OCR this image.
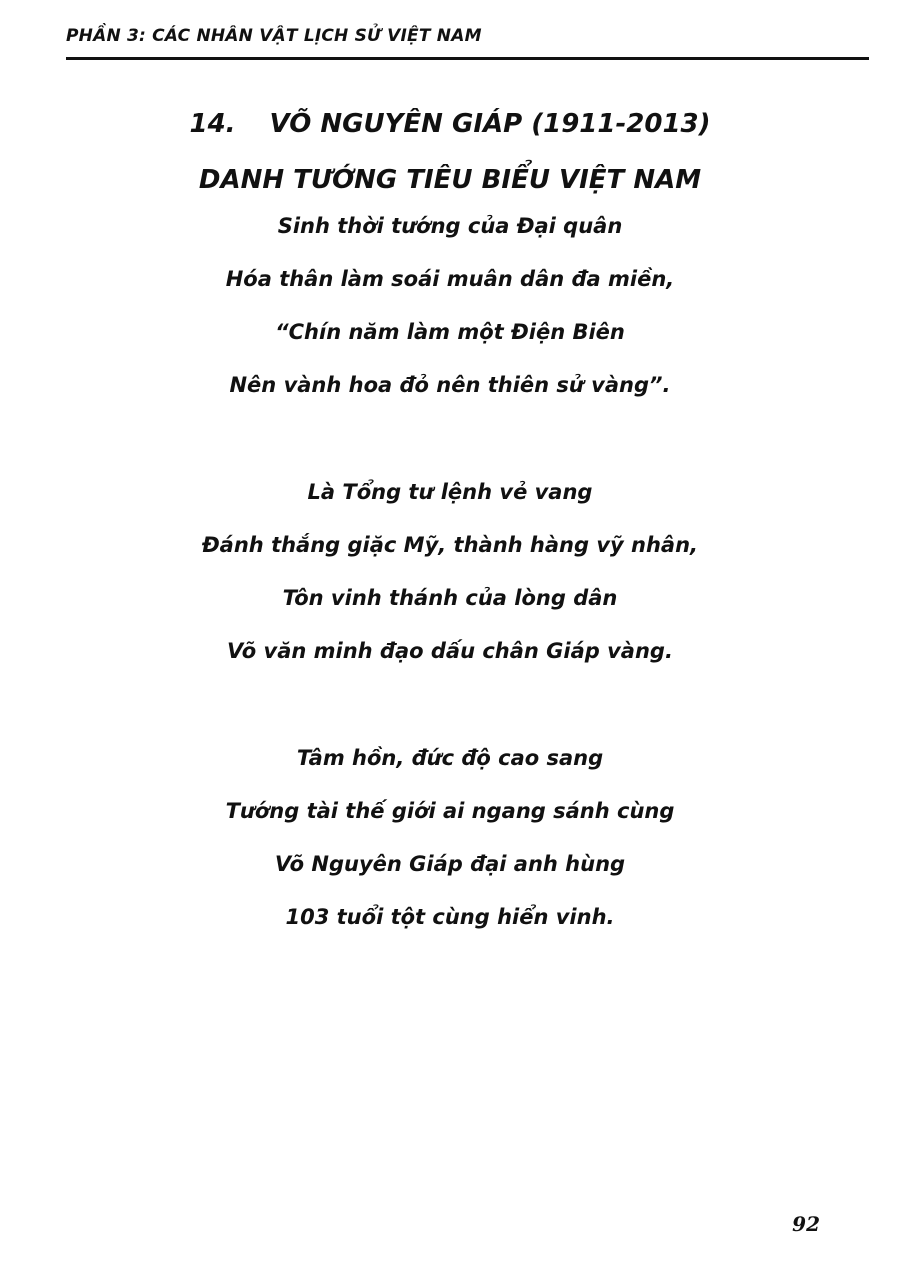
PHẦN 3: CÁC NHÂN VẬT LỊCH SỬ VIỆT NAM
14. VÕ NGUYÊN GIÁP (1911-2013)
DANH TƯỚNG TIÊU BIỂU VIỆT NAM
Sinh thời tướng của Đại quân
Hóa thân làm soái muân dân đa miền,
“Chín năm làm một Điện Biên
Nên vành hoa đỏ nên thiên sử vàng”.
Là Tổng tư lệnh vẻ vang
Đánh thắng giặc Mỹ, thành hàng vỹ nhân,
Tôn vinh thánh của lòng dân
Võ văn minh đạo dấu chân Giáp vàng.
Tâm hồn, đức độ cao sang
Tướng tài thế giới ai ngang sánh cùng
Võ Nguyên Giáp đại anh hùng
103 tuổi tột cùng hiển vinh.
92
